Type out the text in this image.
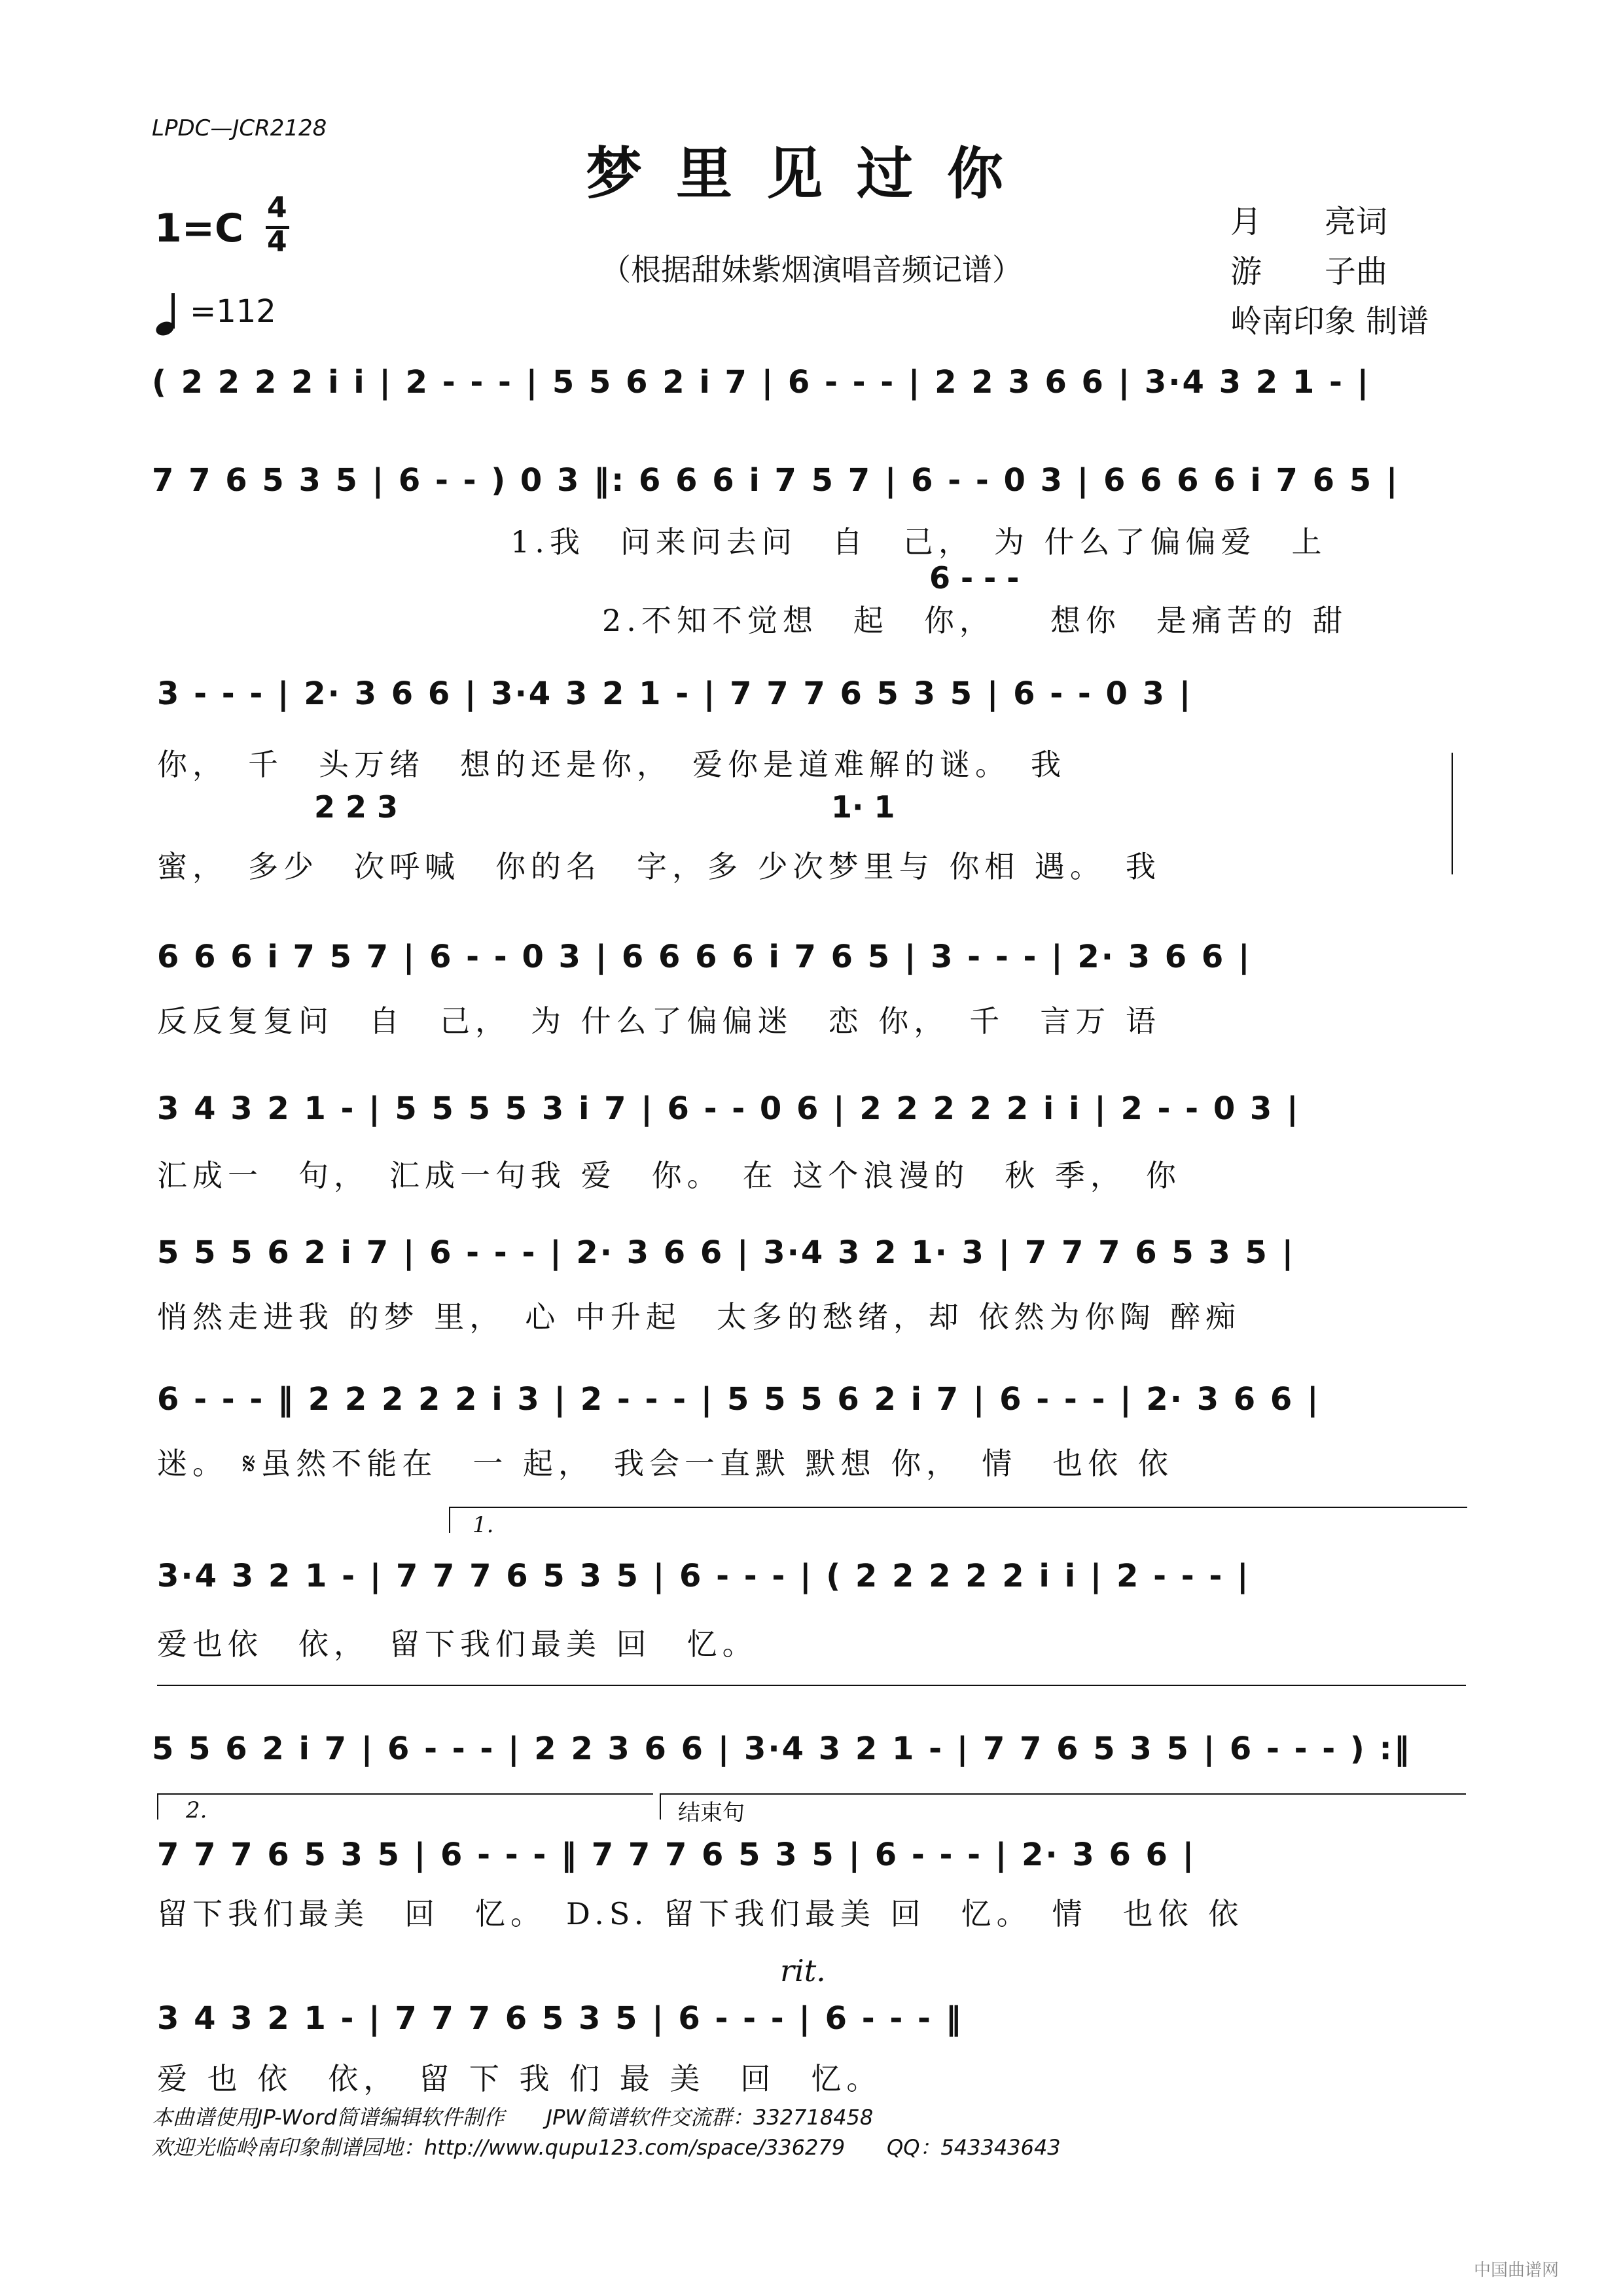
LPDC—JCR2128
梦里见过你
1=C 4
4
（根据甜妹紫烟演唱音频记谱）
=112
月　　亮词
游　　子曲
岭南印象 制谱
( 2 2 2 2 i i | 2 - - - | 5 5 6 2 i 7 | 6 - - - | 2 2 3 6 6 | 3·4 3 2 1 - |
7 7 6 5 3 5 | 6 - - ) 0 3 ‖: 6 6 6 i 7 5 7 | 6 - - 0 3 | 6 6 6 6 i 7 6 5 |
1.我　问来问去问　自　己，　为 什么了偏偏爱　上
6 - - -
2.不知不觉想　起　你，　　想你　是痛苦的 甜
3 - - - | 2· 3 6 6 | 3·4 3 2 1 - | 7 7 7 6 5 3 5 | 6 - - 0 3 |
你，　千　头万绪　想的还是你，　爱你是道难解的谜。　我
2 2 3	1· 1
蜜，　多少　次呼喊　你的名　字，多 少次梦里与 你相 遇。　我
6 6 6 i 7 5 7 | 6 - - 0 3 | 6 6 6 6 i 7 6 5 | 3 - - - | 2· 3 6 6 |
反反复复问　自　己，　为 什么了偏偏迷　恋 你，　千　言万 语
3 4 3 2 1 - | 5 5 5 5 3 i 7 | 6 - - 0 6 | 2 2 2 2 2 i i | 2 - - 0 3 |
汇成一　句，　汇成一句我 爱　你。　在 这个浪漫的　秋 季，　你
5 5 5 6 2 i 7 | 6 - - - | 2· 3 6 6 | 3·4 3 2 1· 3 | 7 7 7 6 5 3 5 |
悄然走进我 的梦 里，　心 中升起　太多的愁绪，却 依然为你陶 醉痴
6 - - - ‖ 2 2 2 2 2 i 3 | 2 - - - | 5 5 5 6 2 i 7 | 6 - - - | 2· 3 6 6 |
迷。 𝄋虽然不能在　一 起，　我会一直默 默想 你，　情　也依 依
1.
3·4 3 2 1 - | 7 7 7 6 5 3 5 | 6 - - - | ( 2 2 2 2 2 i i | 2 - - - |
爱也依　依，　留下我们最美 回　忆。
5 5 6 2 i 7 | 6 - - - | 2 2 3 6 6 | 3·4 3 2 1 - | 7 7 6 5 3 5 | 6 - - - ) :‖
2.	结束句
7 7 7 6 5 3 5 | 6 - - - ‖ 7 7 7 6 5 3 5 | 6 - - - | 2· 3 6 6 |
留下我们最美　回　忆。　D.S. 留下我们最美 回　忆。　情　也依 依
rit.
3 4 3 2 1 - | 7 7 7 6 5 3 5 | 6 - - - | 6 - - - ‖
爱 也 依　依，　留 下 我 们 最 美　回　忆。
本曲谱使用JP-Word简谱编辑软件制作　　JPW简谱软件交流群：332718458
欢迎光临岭南印象制谱园地：http://www.qupu123.com/space/336279　　QQ：543343643
中国曲谱网
